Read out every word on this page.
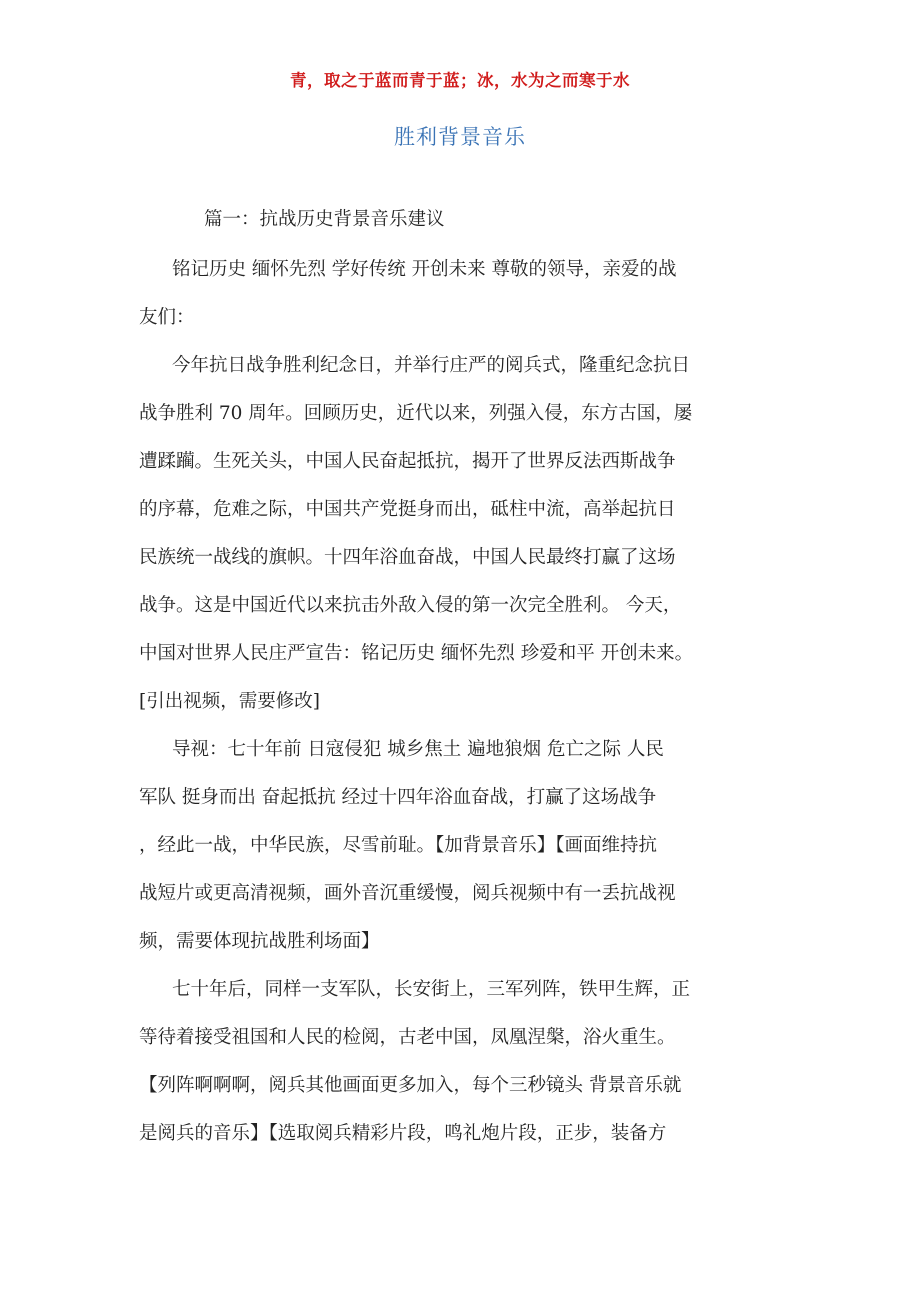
青，取之于蓝而青于蓝；冰，水为之而寒于水
胜利背景音乐
篇一：抗战历史背景音乐建议
铭记历史 缅怀先烈 学好传统 开创未来 尊敬的领导，亲爱的战
友们：
今年抗日战争胜利纪念日，并举行庄严的阅兵式，隆重纪念抗日
战争胜利 70 周年。回顾历史，近代以来，列强入侵，东方古国，屡
遭蹂躏。生死关头，中国人民奋起抵抗，揭开了世界反法西斯战争
的序幕，危难之际，中国共产党挺身而出，砥柱中流，高举起抗日
民族统一战线的旗帜。十四年浴血奋战，中国人民最终打赢了这场
战争。这是中国近代以来抗击外敌入侵的第一次完全胜利。 今天，
中国对世界人民庄严宣告：铭记历史 缅怀先烈 珍爱和平 开创未来。
[引出视频，需要修改]
导视：七十年前 日寇侵犯 城乡焦土 遍地狼烟 危亡之际 人民
军队 挺身而出 奋起抵抗 经过十四年浴血奋战，打赢了这场战争
，经此一战，中华民族，尽雪前耻。【加背景音乐】【画面维持抗
战短片或更高清视频，画外音沉重缓慢，阅兵视频中有一丢抗战视
频，需要体现抗战胜利场面】
七十年后，同样一支军队，长安街上，三军列阵，铁甲生辉，正
等待着接受祖国和人民的检阅，古老中国，凤凰涅槃，浴火重生。
【列阵啊啊啊，阅兵其他画面更多加入，每个三秒镜头 背景音乐就
是阅兵的音乐】【选取阅兵精彩片段，鸣礼炮片段，正步，装备方
